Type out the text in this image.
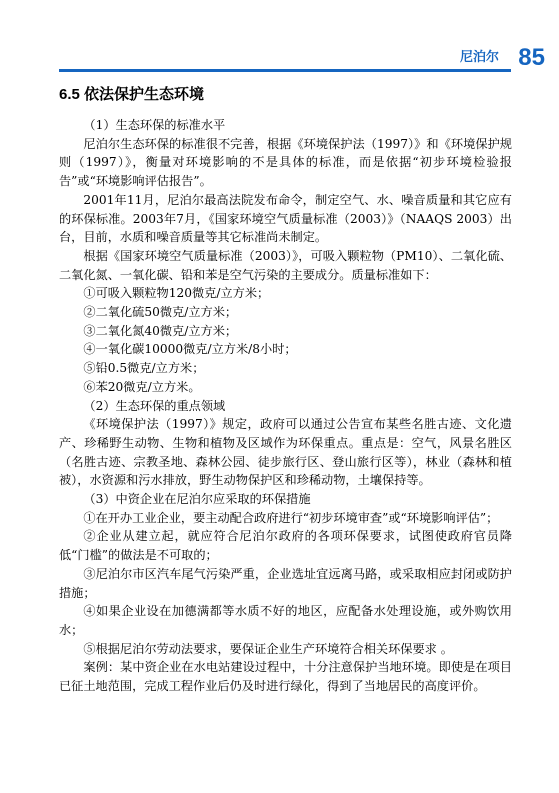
尼泊尔 85
6.5 依法保护生态环境

（1）生态环保的标准水平

尼泊尔生态环保的标准很不完善，根据《环境保护法（1997）》和《环境保护规则（1997）》，衡量对环境影响的不是具体的标准，而是依据“初步环境检验报告”或“环境影响评估报告”。

2001年11月，尼泊尔最高法院发布命令，制定空气、水、噪音质量和其它应有的环保标准。2003年7月，《国家环境空气质量标准（2003）》（NAAQS 2003）出台，目前，水质和噪音质量等其它标准尚未制定。

根据《国家环境空气质量标准（2003）》，可吸入颗粒物（PM10）、二氧化硫、二氧化氮、一氧化碳、铅和苯是空气污染的主要成分。质量标准如下：

①可吸入颗粒物120微克/立方米；

②二氧化硫50微克/立方米；

③二氧化氮40微克/立方米；

④一氧化碳10000微克/立方米/8小时；

⑤铅0.5微克/立方米；

⑥苯20微克/立方米。

（2）生态环保的重点领域

《环境保护法（1997）》规定，政府可以通过公告宣布某些名胜古迹、文化遗产、珍稀野生动物、生物和植物及区域作为环保重点。重点是：空气，风景名胜区（名胜古迹、宗教圣地、森林公园、徒步旅行区、登山旅行区等），林业（森林和植被），水资源和污水排放，野生动物保护区和珍稀动物，土壤保持等。

（3）中资企业在尼泊尔应采取的环保措施

①在开办工业企业，要主动配合政府进行“初步环境审查”或“环境影响评估”；

②企业从建立起，就应符合尼泊尔政府的各项环保要求，试图使政府官员降低“门槛”的做法是不可取的；

③尼泊尔市区汽车尾气污染严重，企业选址宜远离马路，或采取相应封闭或防护措施；

④如果企业设在加德满都等水质不好的地区，应配备水处理设施，或外购饮用水；

⑤根据尼泊尔劳动法要求，要保证企业生产环境符合相关环保要求 。

案例：某中资企业在水电站建设过程中，十分注意保护当地环境。即使是在项目已征土地范围，完成工程作业后仍及时进行绿化，得到了当地居民的高度评价。
